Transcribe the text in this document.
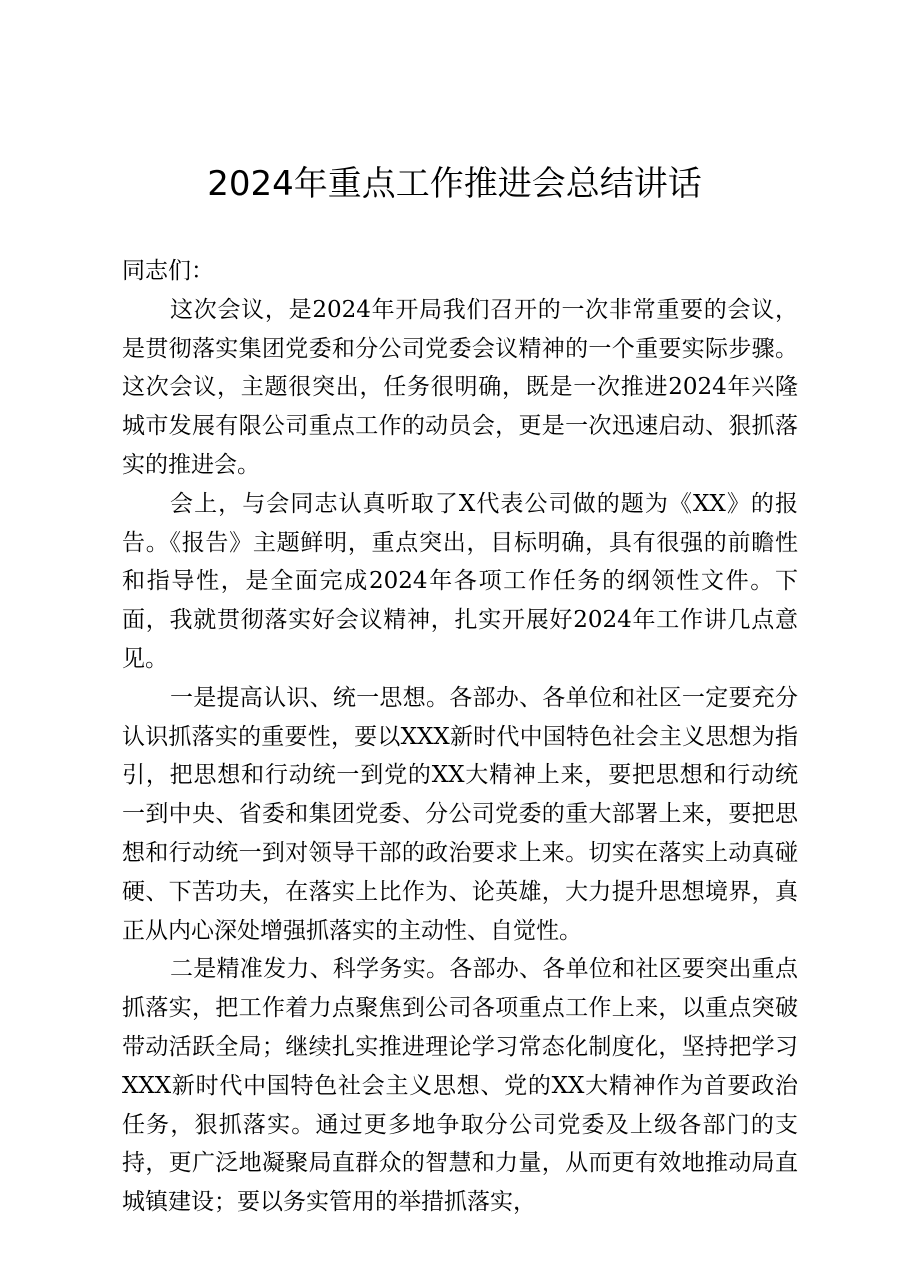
2024年重点工作推进会总结讲话

同志们：

这次会议，是2024年开局我们召开的一次非常重要的会议，是贯彻落实集团党委和分公司党委会议精神的一个重要实际步骤。这次会议，主题很突出，任务很明确，既是一次推进2024年兴隆城市发展有限公司重点工作的动员会，更是一次迅速启动、狠抓落实的推进会。

会上，与会同志认真听取了X代表公司做的题为《XX》的报告。《报告》主题鲜明，重点突出，目标明确，具有很强的前瞻性和指导性，是全面完成2024年各项工作任务的纲领性文件。下面，我就贯彻落实好会议精神，扎实开展好2024年工作讲几点意见。

一是提高认识、统一思想。各部办、各单位和社区一定要充分认识抓落实的重要性，要以XXX新时代中国特色社会主义思想为指引，把思想和行动统一到党的XX大精神上来，要把思想和行动统一到中央、省委和集团党委、分公司党委的重大部署上来，要把思想和行动统一到对领导干部的政治要求上来。切实在落实上动真碰硬、下苦功夫，在落实上比作为、论英雄，大力提升思想境界，真正从内心深处增强抓落实的主动性、自觉性。

二是精准发力、科学务实。各部办、各单位和社区要突出重点抓落实，把工作着力点聚焦到公司各项重点工作上来，以重点突破带动活跃全局；继续扎实推进理论学习常态化制度化，坚持把学习XXX新时代中国特色社会主义思想、党的XX大精神作为首要政治任务，狠抓落实。通过更多地争取分公司党委及上级各部门的支持，更广泛地凝聚局直群众的智慧和力量，从而更有效地推动局直城镇建设；要以务实管用的举措抓落实，
